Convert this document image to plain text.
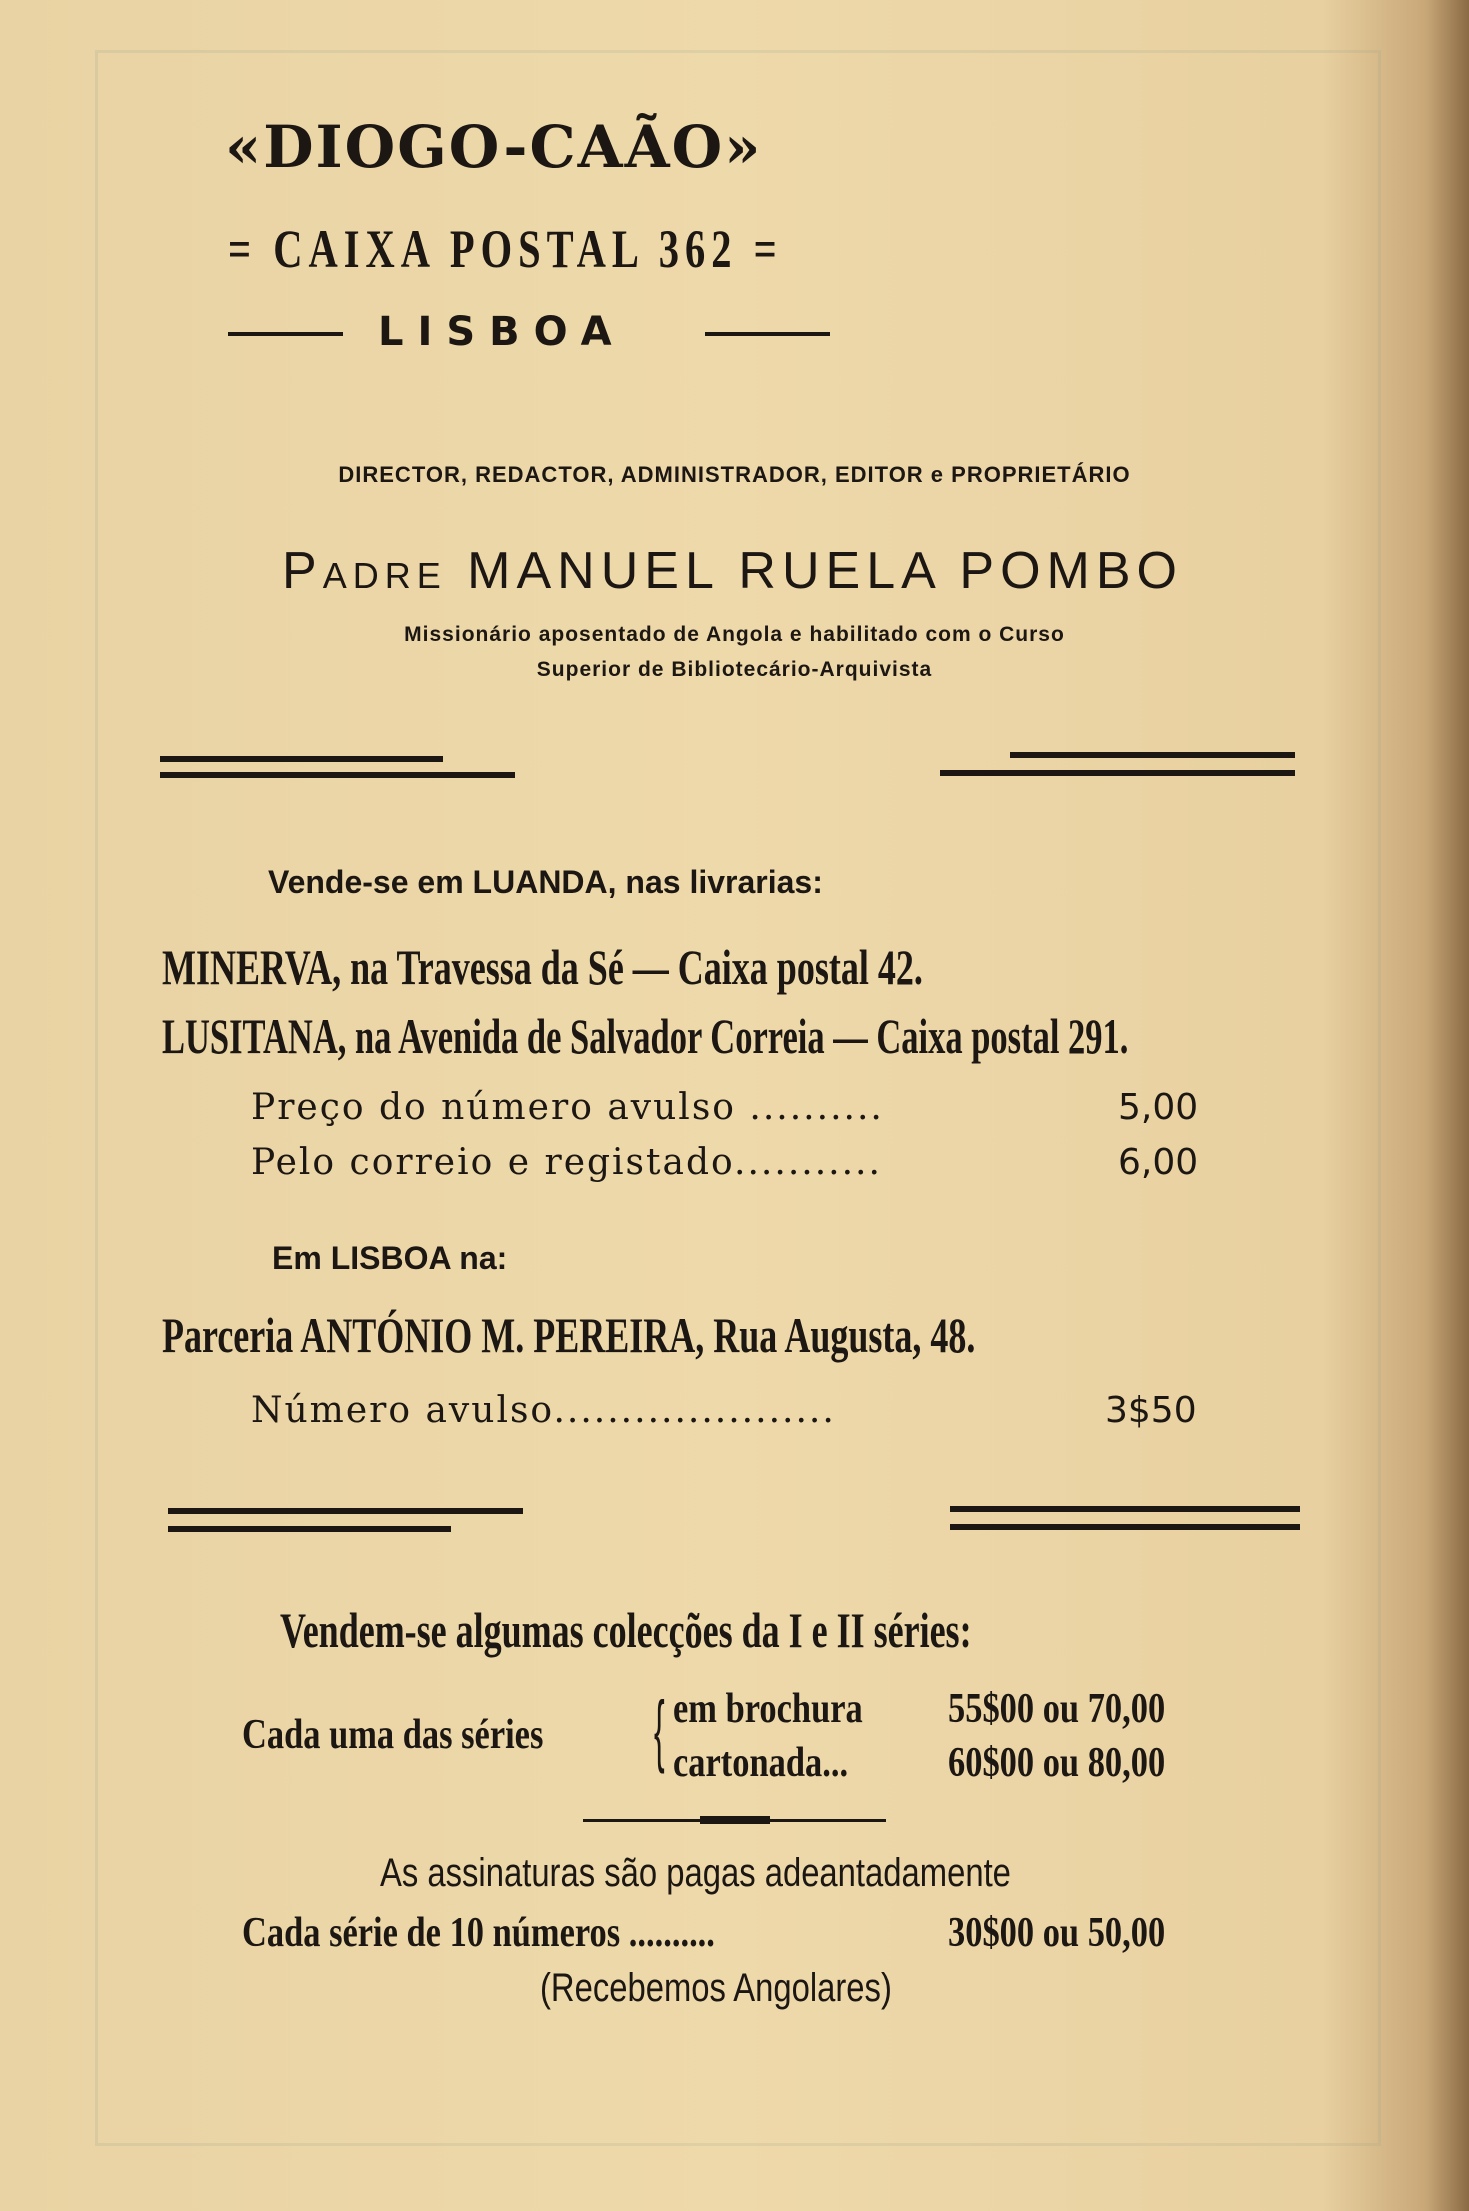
«DIOGO-CAÃO»
= CAIXA POSTAL 362 =
LISBOA
DIRECTOR, REDACTOR, ADMINISTRADOR, EDITOR e PROPRIETÁRIO
Padre MANUEL RUELA POMBO
Missionário aposentado de Angola e habilitado com o Curso
Superior de Bibliotecário-Arquivista
Vende-se em LUANDA, nas livrarias:
MINERVA, na Travessa da Sé — Caixa postal 42.
LUSITANA, na Avenida de Salvador Correia — Caixa postal 291.
Preço do número avulso ..........	5,00
Pelo correio e registado...........	6,00
Em LISBOA na:
Parceria ANTÓNIO M. PEREIRA, Rua Augusta, 48.
Número avulso.....................	3$50
Vendem-se algumas colecções da I e II séries:
Cada uma das séries { em brochura 55$00 ou 70,00
cartonada... 60$00 ou 80,00
As assinaturas são pagas adeantadamente
Cada série de 10 números ..........	30$00 ou 50,00
(Recebemos Angolares)
